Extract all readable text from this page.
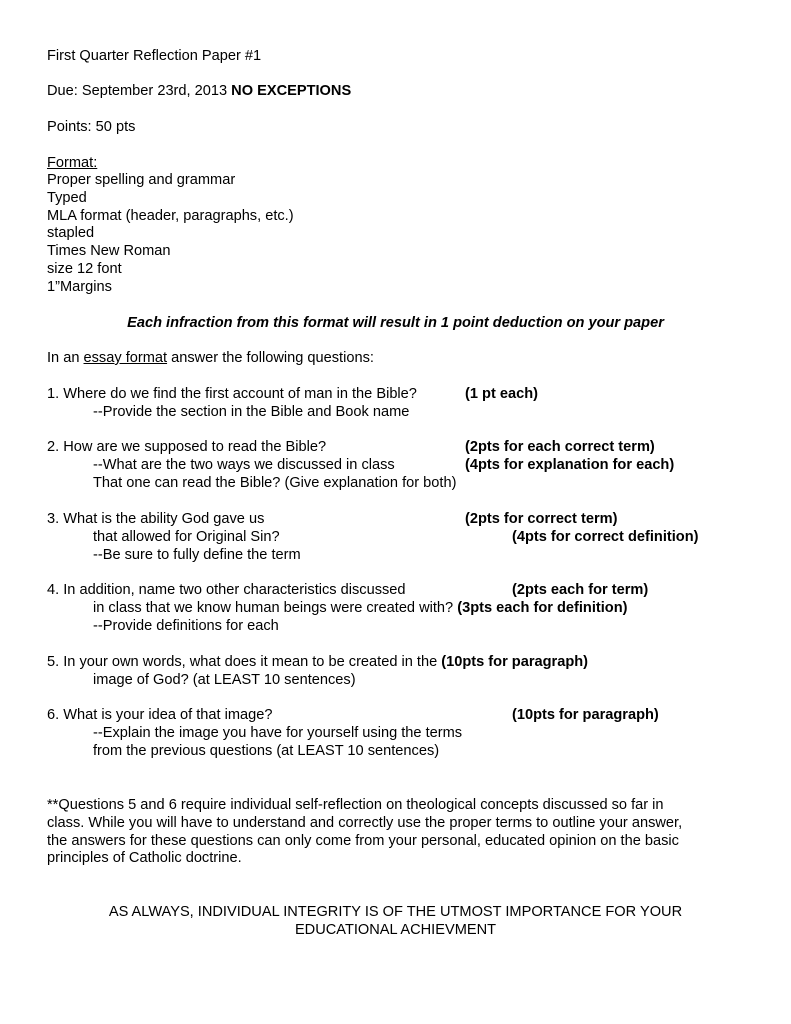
First Quarter Reflection Paper #1
Due: September 23rd, 2013 NO EXCEPTIONS
Points: 50 pts
Format:
Proper spelling and grammar
Typed
MLA format (header, paragraphs, etc.)
stapled
Times New Roman
size 12 font
1”Margins
Each infraction from this format will result in 1 point deduction on your paper
In an essay format answer the following questions:
1. Where do we find the first account of man in the Bible?	(1 pt each)
--Provide the section in the Bible and Book name
2. How are we supposed to read the Bible?	(2pts for each correct term)
--What are the two ways we discussed in class	(4pts for explanation for each)
That one can read the Bible? (Give explanation for both)
3. What is the ability God gave us	(2pts for correct term)
that allowed for Original Sin?	(4pts for correct definition)
--Be sure to fully define the term
4. In addition, name two other characteristics discussed	(2pts each for term)
in class that we know human beings were created with? (3pts each for definition)
--Provide definitions for each
5. In your own words, what does it mean to be created in the (10pts for paragraph)
image of God? (at LEAST 10 sentences)
6. What is your idea of that image?	(10pts for paragraph)
--Explain the image you have for yourself using the terms
from the previous questions (at LEAST 10 sentences)
**Questions 5 and 6 require individual self-reflection on theological concepts discussed so far in
class. While you will have to understand and correctly use the proper terms to outline your answer,
the answers for these questions can only come from your personal, educated opinion on the basic
principles of Catholic doctrine.
AS ALWAYS, INDIVIDUAL INTEGRITY IS OF THE UTMOST IMPORTANCE FOR YOUR
EDUCATIONAL ACHIEVMENT
